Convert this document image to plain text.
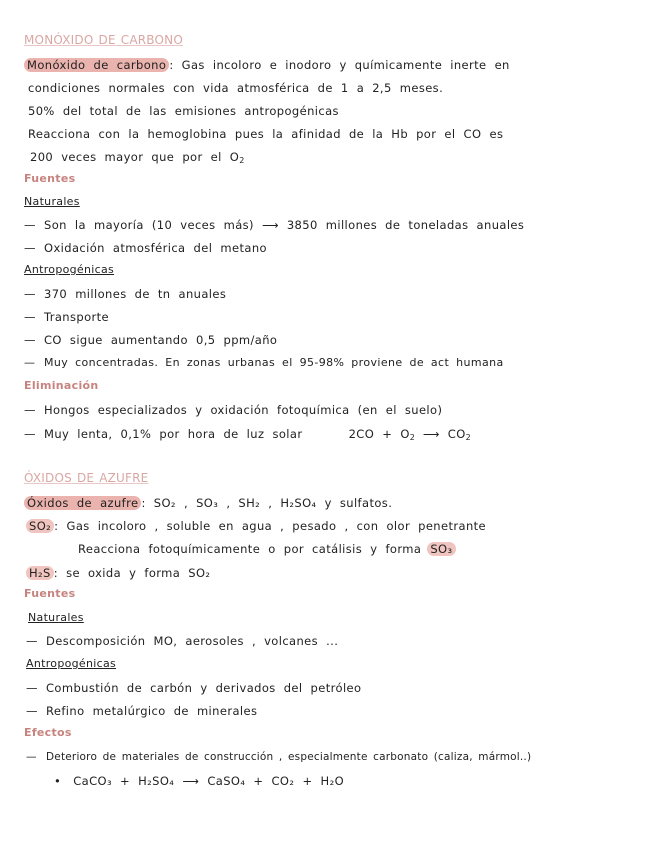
MONÓXIDO DE CARBONO
Monóxido de carbono : Gas incoloro e inodoro y químicamente inerte en
condiciones normales con vida atmosférica de 1 a 2,5 meses.
50% del total de las emisiones antropogénicas
Reacciona con la hemoglobina pues la afinidad de la Hb por el CO es
200 veces mayor que por el $O_2$
Fuentes
Naturales
—Son la mayoría (10 veces más) ⟶ 3850 millones de toneladas anuales
—Oxidación atmosférica del metano
Antropogénicas
—370 millones de tn anuales
—Transporte
—CO sigue aumentando 0,5 ppm/año
—Muy concentradas. En zonas urbanas el 95-98% proviene de act humana
Eliminación
—Hongos especializados y oxidación fotoquímica (en el suelo)
—Muy lenta, 0,1% por hora de luz solar	$2CO + O_2$ ⟶ $CO_2$
ÓXIDOS DE AZUFRE
Óxidos de azufre : SO₂ , SO₃ , SH₂ , H₂SO₄ y sulfatos.
SO₂ : Gas incoloro , soluble en agua , pesado , con olor penetrante
Reacciona fotoquímicamente o por catálisis y forma SO₃
H₂S : se oxida y forma SO₂
Fuentes
Naturales
—Descomposición MO, aerosoles , volcanes ...
Antropogénicas
—Combustión de carbón y derivados del petróleo
—Refino metalúrgico de minerales
Efectos
—Deterioro de materiales de construcción , especialmente carbonato (caliza, mármol..)
• CaCO₃ + H₂SO₄ ⟶ CaSO₄ + CO₂ + H₂O
